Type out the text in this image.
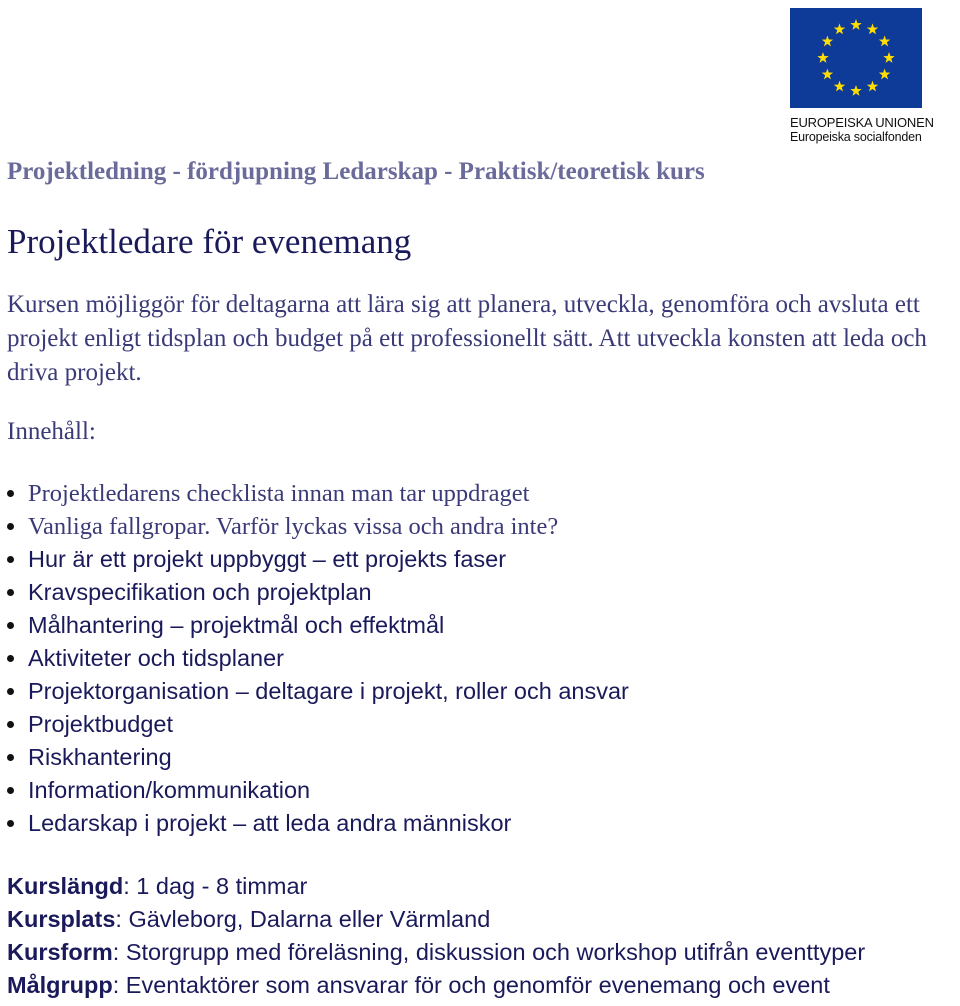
EUROPEISKA UNIONEN
Europeiska socialfonden
Projektledning - fördjupning Ledarskap - Praktisk/teoretisk kurs
Projektledare för evenemang
Kursen möjliggör för deltagarna att lära sig att planera, utveckla, genomföra och avsluta ett projekt enligt tidsplan och budget på ett professionellt sätt. Att utveckla konsten att leda och driva projekt.
Innehåll:
Projektledarens checklista innan man tar uppdraget
Vanliga fallgropar. Varför lyckas vissa och andra inte?
Hur är ett projekt uppbyggt – ett projekts faser
Kravspecifikation och projektplan
Målhantering – projektmål och effektmål
Aktiviteter och tidsplaner
Projektorganisation – deltagare i projekt, roller och ansvar
Projektbudget
Riskhantering
Information/kommunikation
Ledarskap i projekt – att leda andra människor
Kurslängd: 1 dag - 8 timmar
Kursplats: Gävleborg, Dalarna eller Värmland
Kursform: Storgrupp med föreläsning, diskussion och workshop utifrån eventtyper
Målgrupp: Eventaktörer som ansvarar för och genomför evenemang och event
